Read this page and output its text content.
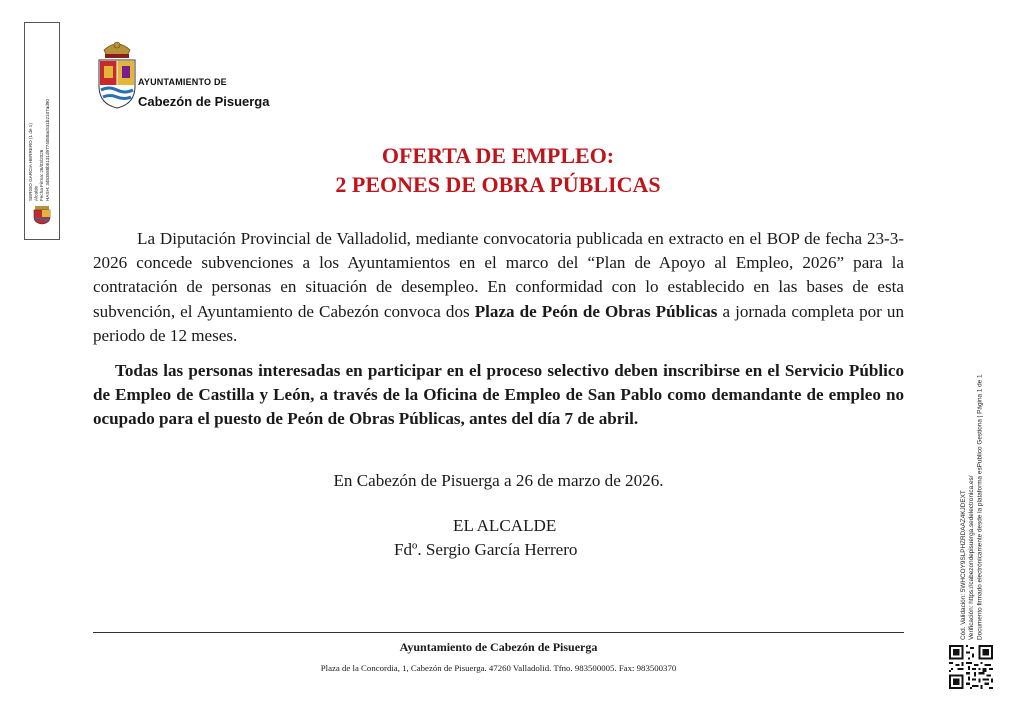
SERGIO GARCIA HERRERO (1 de 1) Alcalde Fecha Firma: 26/03/2026 HASH: 3483588b5131d9774058ac531b2107ad90
AYUNTAMIENTO DE
Cabezón de Pisuerga
OFERTA DE EMPLEO:
2 PEONES DE OBRA PÚBLICAS

La Diputación Provincial de Valladolid, mediante convocatoria publicada en extracto en el BOP de fecha 23-3-2026 concede subvenciones a los Ayuntamientos en el marco del “Plan de Apoyo al Empleo, 2026” para la contratación de personas en situación de desempleo. En conformidad con lo establecido en las bases de esta subvención, el Ayuntamiento de Cabezón convoca dos Plaza de Peón de Obras Públicas a jornada completa por un periodo de 12 meses.

Todas las personas interesadas en participar en el proceso selectivo deben inscribirse en el Servicio Público de Empleo de Castilla y León, a través de la Oficina de Empleo de San Pablo como demandante de empleo no ocupado para el puesto de Peón de Obras Públicas, antes del día 7 de abril.

En Cabezón de Pisuerga a 26 de marzo de 2026.
EL ALCALDE
Fdº. Sergio García Herrero
Ayuntamiento de Cabezón de Pisuerga
Plaza de la Concordia, 1, Cabezón de Pisuerga. 47260 Valladolid. Tfno. 983500005. Fax: 983500370
Cód. Validación: 5WHCOY9SLPHZRDAAZ4KJDEXT Verificación: https://cabezondepisuerga.sedelectronica.es/ Documento firmado electrónicamente desde la plataforma esPublico Gestiona | Página 1 de 1
